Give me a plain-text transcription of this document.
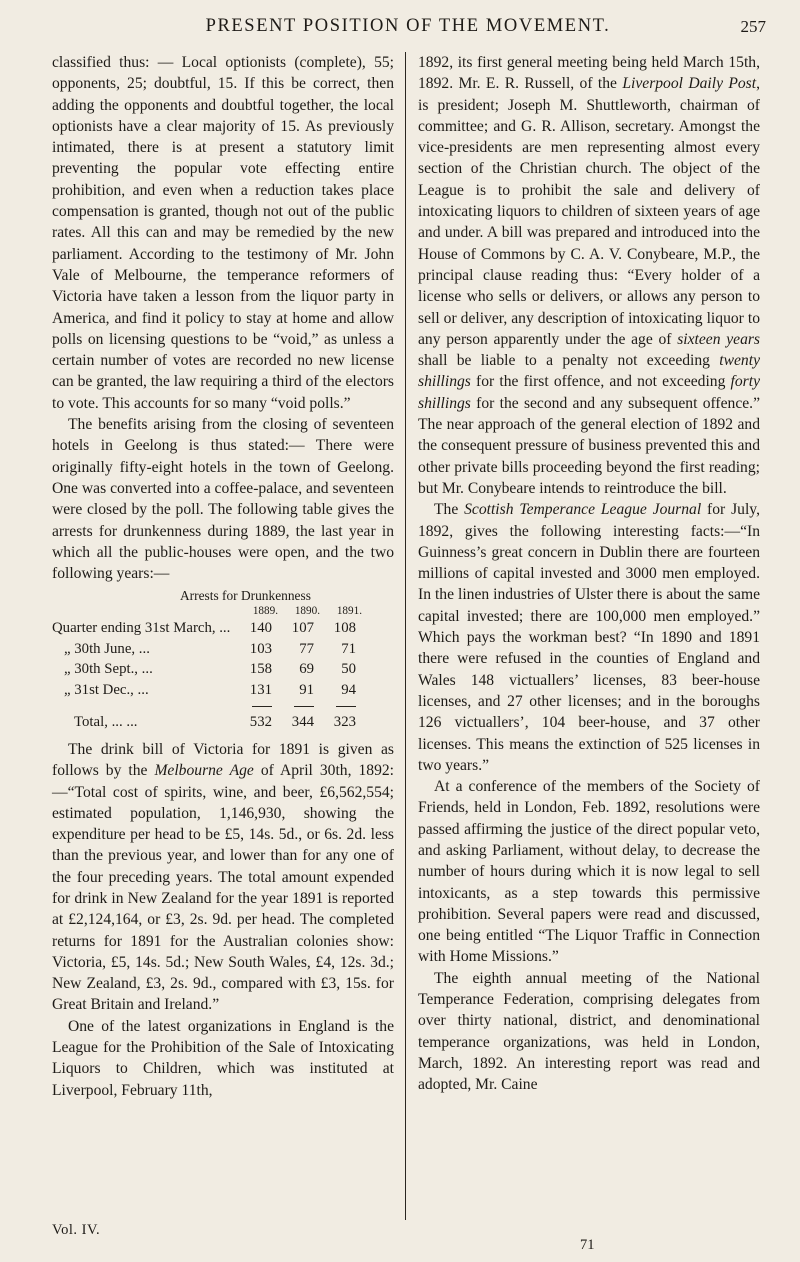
PRESENT POSITION OF THE MOVEMENT.	257

classified thus: — Local optionists (complete), 55; opponents, 25; doubtful, 15. If this be correct, then adding the opponents and doubtful together, the local optionists have a clear majority of 15. As previously intimated, there is at present a statutory limit preventing the popular vote effecting entire prohibition, and even when a reduction takes place compensation is granted, though not out of the public rates. All this can and may be remedied by the new parliament. According to the testimony of Mr. John Vale of Melbourne, the temperance reformers of Victoria have taken a lesson from the liquor party in America, and find it policy to stay at home and allow polls on licensing questions to be “void,” as unless a certain number of votes are recorded no new license can be granted, the law requiring a third of the electors to vote. This accounts for so many “void polls.”

The benefits arising from the closing of seventeen hotels in Geelong is thus stated:— There were originally fifty-eight hotels in the town of Geelong. One was converted into a coffee-palace, and seventeen were closed by the poll. The following table gives the arrests for drunkenness during 1889, the last year in which all the public-houses were open, and the two following years:—

Arrests for Drunkenness
1889.	1890.	1891.
Quarter ending 31st March, ...	140	107	108
„ 30th June, ...	103	77	71
„ 30th Sept., ...	158	69	50
„ 31st Dec., ...	131	91	94
Total, ... ...	532	344	323

The drink bill of Victoria for 1891 is given as follows by the Melbourne Age of April 30th, 1892:—“Total cost of spirits, wine, and beer, £6,562,554; estimated population, 1,146,930, showing the expenditure per head to be £5, 14s. 5d., or 6s. 2d. less than the previous year, and lower than for any one of the four preceding years. The total amount expended for drink in New Zealand for the year 1891 is reported at £2,124,164, or £3, 2s. 9d. per head. The completed returns for 1891 for the Australian colonies show: Victoria, £5, 14s. 5d.; New South Wales, £4, 12s. 3d.; New Zealand, £3, 2s. 9d., compared with £3, 15s. for Great Britain and Ireland.”

One of the latest organizations in England is the League for the Prohibition of the Sale of Intoxicating Liquors to Children, which was instituted at Liverpool, February 11th,

1892, its first general meeting being held March 15th, 1892. Mr. E. R. Russell, of the Liverpool Daily Post, is president; Joseph M. Shuttleworth, chairman of committee; and G. R. Allison, secretary. Amongst the vice-presidents are men representing almost every section of the Christian church. The object of the League is to prohibit the sale and delivery of intoxicating liquors to children of sixteen years of age and under. A bill was prepared and introduced into the House of Commons by C. A. V. Conybeare, M.P., the principal clause reading thus: “Every holder of a license who sells or delivers, or allows any person to sell or deliver, any description of intoxicating liquor to any person apparently under the age of sixteen years shall be liable to a penalty not exceeding twenty shillings for the first offence, and not exceeding forty shillings for the second and any subsequent offence.” The near approach of the general election of 1892 and the consequent pressure of business prevented this and other private bills proceeding beyond the first reading; but Mr. Conybeare intends to reintroduce the bill.

The Scottish Temperance League Journal for July, 1892, gives the following interesting facts:—“In Guinness’s great concern in Dublin there are fourteen millions of capital invested and 3000 men employed. In the linen industries of Ulster there is about the same capital invested; there are 100,000 men employed.” Which pays the workman best? “In 1890 and 1891 there were refused in the counties of England and Wales 148 victuallers’ licenses, 83 beer-house licenses, and 27 other licenses; and in the boroughs 126 victuallers’, 104 beer-house, and 37 other licenses. This means the extinction of 525 licenses in two years.”

At a conference of the members of the Society of Friends, held in London, Feb. 1892, resolutions were passed affirming the justice of the direct popular veto, and asking Parliament, without delay, to decrease the number of hours during which it is now legal to sell intoxicants, as a step towards this permissive prohibition. Several papers were read and discussed, one being entitled “The Liquor Traffic in Connection with Home Missions.”

The eighth annual meeting of the National Temperance Federation, comprising delegates from over thirty national, district, and denominational temperance organizations, was held in London, March, 1892. An interesting report was read and adopted, Mr. Caine

Vol. IV.
71
